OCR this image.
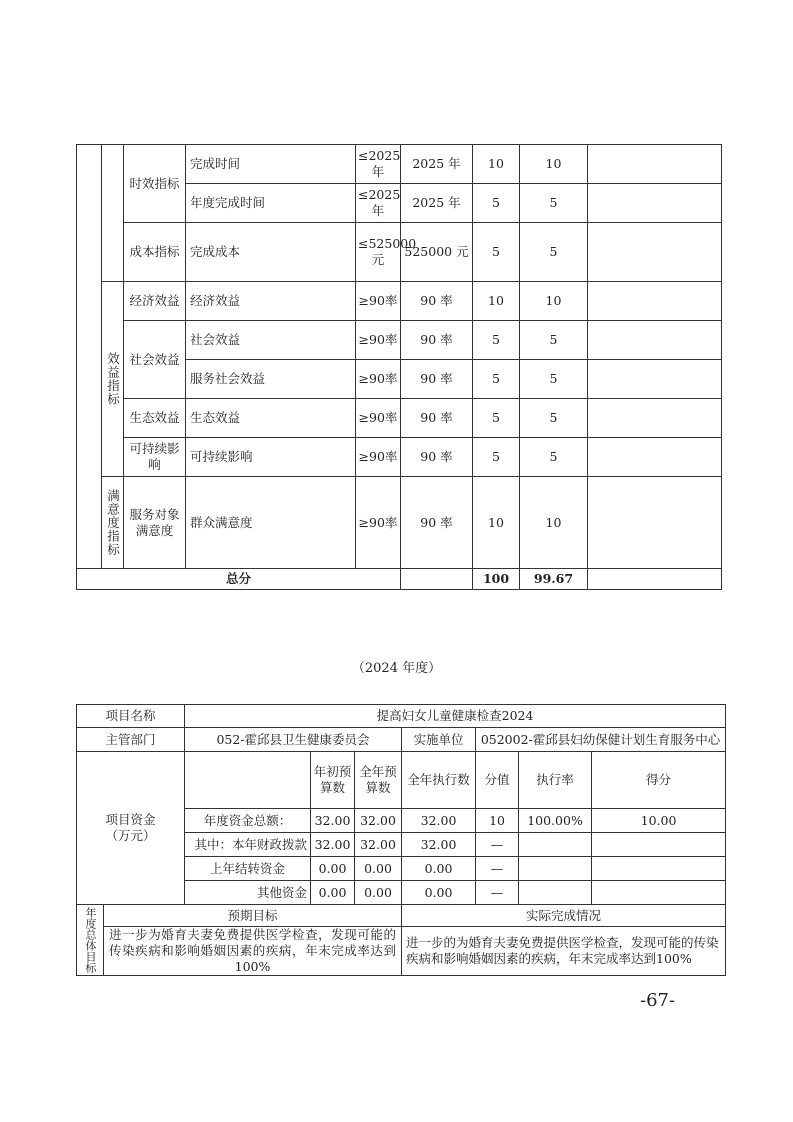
		时效指标	完成时间	≤2025年	2025 年	10	10	
			年度完成时间	≤2025年	2025 年	5	5	
		成本指标	完成成本	≤525000元	525000 元	5	5	
	效益指标	经济效益	经济效益	≥90率	90 率	10	10	
		社会效益	社会效益	≥90率	90 率	5	5	
			服务社会效益	≥90率	90 率	5	5	
		生态效益	生态效益	≥90率	90 率	5	5	
		可持续影响	可持续影响	≥90率	90 率	5	5	
	满意度指标	服务对象满意度	群众满意度	≥90率	90 率	10	10	
总分						100	99.67	
（2024 年度）
项目名称		提高妇女儿童健康检查2024						
主管部门		052-霍邱县卫生健康委员会			实施单位	052002-霍邱县妇幼保健计划生育服务中心		
项目资金（万元）			年初预算数	全年预算数	全年执行数	分值	执行率	得分
		年度资金总额：	32.00	32.00	32.00	10	100.00%	10.00
		其中：本年财政拨款	32.00	32.00	32.00	—		
		上年结转资金	0.00	0.00	0.00	—		
		其他资金	0.00	0.00	0.00	—		
年度总体目标	预期目标				实际完成情况			
	进一步为婚育夫妻免费提供医学检查，发现可能的传染疾病和影响婚姻因素的疾病，年末完成率达到100%				进一步的为婚育夫妻免费提供医学检查，发现可能的传染疾病和影响婚姻因素的疾病，年末完成率达到100%			
-67-
